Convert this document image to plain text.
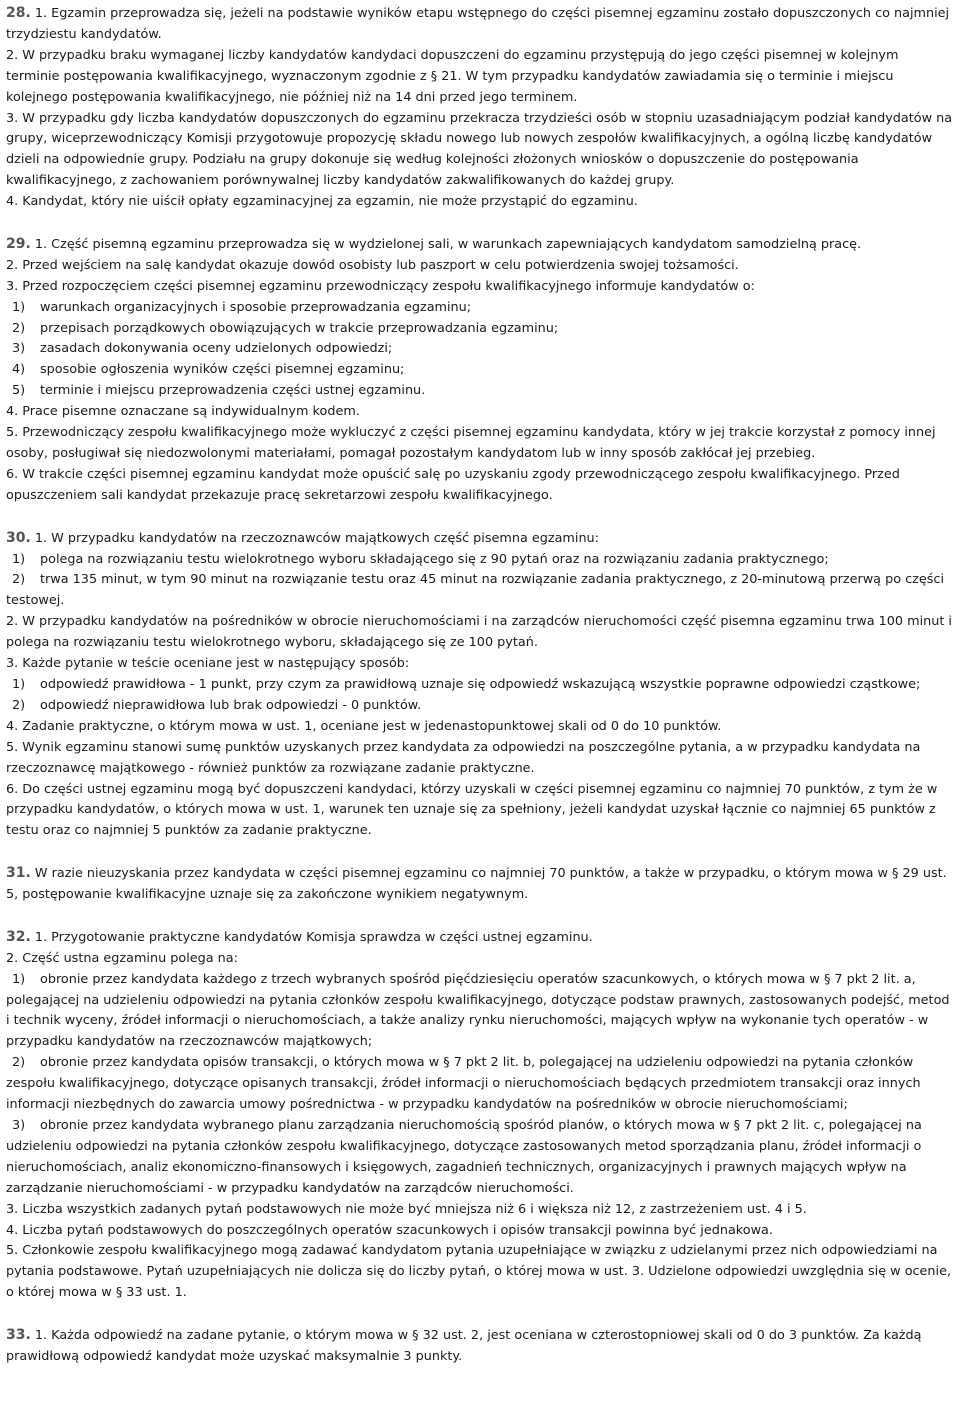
28. 1. Egzamin przeprowadza się, jeżeli na podstawie wyników etapu wstępnego do części pisemnej egzaminu zostało dopuszczonych co najmniej trzydziestu kandydatów.
2. W przypadku braku wymaganej liczby kandydatów kandydaci dopuszczeni do egzaminu przystępują do jego części pisemnej w kolejnym terminie postępowania kwalifikacyjnego, wyznaczonym zgodnie z § 21. W tym przypadku kandydatów zawiadamia się o terminie i miejscu kolejnego postępowania kwalifikacyjnego, nie później niż na 14 dni przed jego terminem.
3. W przypadku gdy liczba kandydatów dopuszczonych do egzaminu przekracza trzydzieści osób w stopniu uzasadniającym podział kandydatów na grupy, wiceprzewodniczący Komisji przygotowuje propozycję składu nowego lub nowych zespołów kwalifikacyjnych, a ogólną liczbę kandydatów dzieli na odpowiednie grupy. Podziału na grupy dokonuje się według kolejności złożonych wniosków o dopuszczenie do postępowania kwalifikacyjnego, z zachowaniem porównywalnej liczby kandydatów zakwalifikowanych do każdej grupy.
4. Kandydat, który nie uiścił opłaty egzaminacyjnej za egzamin, nie może przystąpić do egzaminu.
29. 1. Część pisemną egzaminu przeprowadza się w wydzielonej sali, w warunkach zapewniających kandydatom samodzielną pracę.
2. Przed wejściem na salę kandydat okazuje dowód osobisty lub paszport w celu potwierdzenia swojej tożsamości.
3. Przed rozpoczęciem części pisemnej egzaminu przewodniczący zespołu kwalifikacyjnego informuje kandydatów o:
1) warunkach organizacyjnych i sposobie przeprowadzania egzaminu;
2) przepisach porządkowych obowiązujących w trakcie przeprowadzania egzaminu;
3) zasadach dokonywania oceny udzielonych odpowiedzi;
4) sposobie ogłoszenia wyników części pisemnej egzaminu;
5) terminie i miejscu przeprowadzenia części ustnej egzaminu.
4. Prace pisemne oznaczane są indywidualnym kodem.
5. Przewodniczący zespołu kwalifikacyjnego może wykluczyć z części pisemnej egzaminu kandydata, który w jej trakcie korzystał z pomocy innej osoby, posługiwał się niedozwolonymi materiałami, pomagał pozostałym kandydatom lub w inny sposób zakłócał jej przebieg.
6. W trakcie części pisemnej egzaminu kandydat może opuścić salę po uzyskaniu zgody przewodniczącego zespołu kwalifikacyjnego. Przed opuszczeniem sali kandydat przekazuje pracę sekretarzowi zespołu kwalifikacyjnego.
30. 1. W przypadku kandydatów na rzeczoznawców majątkowych część pisemna egzaminu:
1) polega na rozwiązaniu testu wielokrotnego wyboru składającego się z 90 pytań oraz na rozwiązaniu zadania praktycznego;
2) trwa 135 minut, w tym 90 minut na rozwiązanie testu oraz 45 minut na rozwiązanie zadania praktycznego, z 20-minutową przerwą po części testowej.
2. W przypadku kandydatów na pośredników w obrocie nieruchomościami i na zarządców nieruchomości część pisemna egzaminu trwa 100 minut i polega na rozwiązaniu testu wielokrotnego wyboru, składającego się ze 100 pytań.
3. Każde pytanie w teście oceniane jest w następujący sposób:
1) odpowiedź prawidłowa - 1 punkt, przy czym za prawidłową uznaje się odpowiedź wskazującą wszystkie poprawne odpowiedzi cząstkowe;
2) odpowiedź nieprawidłowa lub brak odpowiedzi - 0 punktów.
4. Zadanie praktyczne, o którym mowa w ust. 1, oceniane jest w jedenastopunktowej skali od 0 do 10 punktów.
5. Wynik egzaminu stanowi sumę punktów uzyskanych przez kandydata za odpowiedzi na poszczególne pytania, a w przypadku kandydata na rzeczoznawcę majątkowego - również punktów za rozwiązane zadanie praktyczne.
6. Do części ustnej egzaminu mogą być dopuszczeni kandydaci, którzy uzyskali w części pisemnej egzaminu co najmniej 70 punktów, z tym że w przypadku kandydatów, o których mowa w ust. 1, warunek ten uznaje się za spełniony, jeżeli kandydat uzyskał łącznie co najmniej 65 punktów z testu oraz co najmniej 5 punktów za zadanie praktyczne.
31. W razie nieuzyskania przez kandydata w części pisemnej egzaminu co najmniej 70 punktów, a także w przypadku, o którym mowa w § 29 ust. 5, postępowanie kwalifikacyjne uznaje się za zakończone wynikiem negatywnym.
32. 1. Przygotowanie praktyczne kandydatów Komisja sprawdza w części ustnej egzaminu.
2. Część ustna egzaminu polega na:
1) obronie przez kandydata każdego z trzech wybranych spośród pięćdziesięciu operatów szacunkowych, o których mowa w § 7 pkt 2 lit. a, polegającej na udzieleniu odpowiedzi na pytania członków zespołu kwalifikacyjnego, dotyczące podstaw prawnych, zastosowanych podejść, metod i technik wyceny, źródeł informacji o nieruchomościach, a także analizy rynku nieruchomości, mających wpływ na wykonanie tych operatów - w przypadku kandydatów na rzeczoznawców majątkowych;
2) obronie przez kandydata opisów transakcji, o których mowa w § 7 pkt 2 lit. b, polegającej na udzieleniu odpowiedzi na pytania członków zespołu kwalifikacyjnego, dotyczące opisanych transakcji, źródeł informacji o nieruchomościach będących przedmiotem transakcji oraz innych informacji niezbędnych do zawarcia umowy pośrednictwa - w przypadku kandydatów na pośredników w obrocie nieruchomościami;
3) obronie przez kandydata wybranego planu zarządzania nieruchomością spośród planów, o których mowa w § 7 pkt 2 lit. c, polegającej na udzieleniu odpowiedzi na pytania członków zespołu kwalifikacyjnego, dotyczące zastosowanych metod sporządzania planu, źródeł informacji o nieruchomościach, analiz ekonomiczno-finansowych i księgowych, zagadnień technicznych, organizacyjnych i prawnych mających wpływ na zarządzanie nieruchomościami - w przypadku kandydatów na zarządców nieruchomości.
3. Liczba wszystkich zadanych pytań podstawowych nie może być mniejsza niż 6 i większa niż 12, z zastrzeżeniem ust. 4 i 5.
4. Liczba pytań podstawowych do poszczególnych operatów szacunkowych i opisów transakcji powinna być jednakowa.
5. Członkowie zespołu kwalifikacyjnego mogą zadawać kandydatom pytania uzupełniające w związku z udzielanymi przez nich odpowiedziami na pytania podstawowe. Pytań uzupełniających nie dolicza się do liczby pytań, o której mowa w ust. 3. Udzielone odpowiedzi uwzględnia się w ocenie, o której mowa w § 33 ust. 1.
33. 1. Każda odpowiedź na zadane pytanie, o którym mowa w § 32 ust. 2, jest oceniana w czterostopniowej skali od 0 do 3 punktów. Za każdą prawidłową odpowiedź kandydat może uzyskać maksymalnie 3 punkty.
